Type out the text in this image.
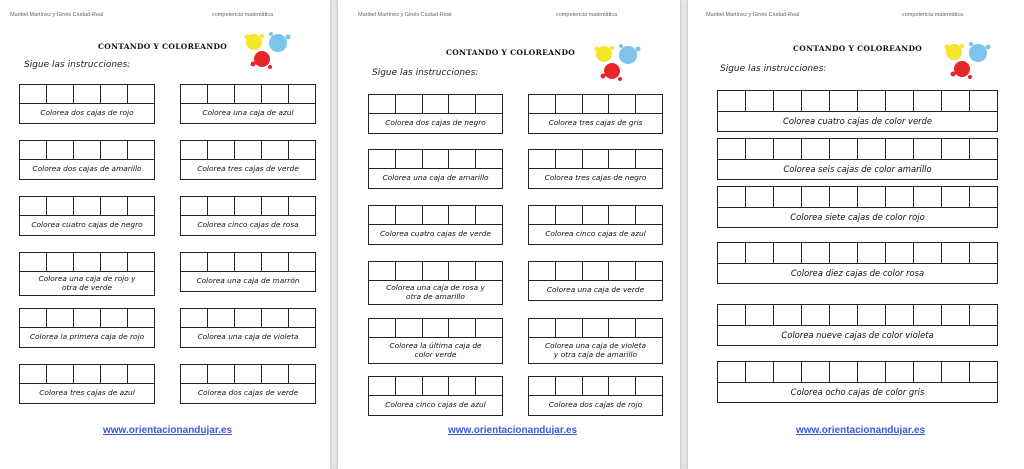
Maribel Martínez y Ginés Ciudad-Real	competencia matemática
CONTANDO Y COLOREANDO
Sigue las instrucciones:
Colorea dos cajas de rojo	Colorea una caja de azul
Colorea dos cajas de amarillo	Colorea tres cajas de verde
Colorea cuatro cajas de negro	Colorea cinco cajas de rosa
Colorea una caja de rojo y
otra de verde
Colorea una caja de marrón
Colorea la primera caja de rojo	Colorea una caja de violeta
Colorea tres cajas de azul	Colorea dos cajas de verde
www.orientacionandujar.es
Maribel Martínez y Ginés Ciudad-Real	competencia matemática
CONTANDO Y COLOREANDO
Sigue las instrucciones:
Colorea dos cajas de negro	Colorea tres cajas de gris
Colorea una caja de amarillo	Colorea tres cajas de negro
Colorea cuatro cajas de verde	Colorea cinco cajas de azul
Colorea una caja de rosa y
otra de amarillo
Colorea una caja de verde
Colorea la última caja de
color verde
Colorea una caja de violeta
y otra caja de amarillo
Colorea cinco cajas de azul	Colorea dos cajas de rojo
www.orientacionandujar.es
Maribel Martínez y Ginés Ciudad-Real	competencia matemática
CONTANDO Y COLOREANDO
Sigue las instrucciones:
Colorea cuatro cajas de color verde
Colorea seis cajas de color amarillo
Colorea siete cajas de color rojo
Colorea diez cajas de color rosa
Colorea nueve cajas de color violeta
Colorea ocho cajas de color gris
www.orientacionandujar.es
